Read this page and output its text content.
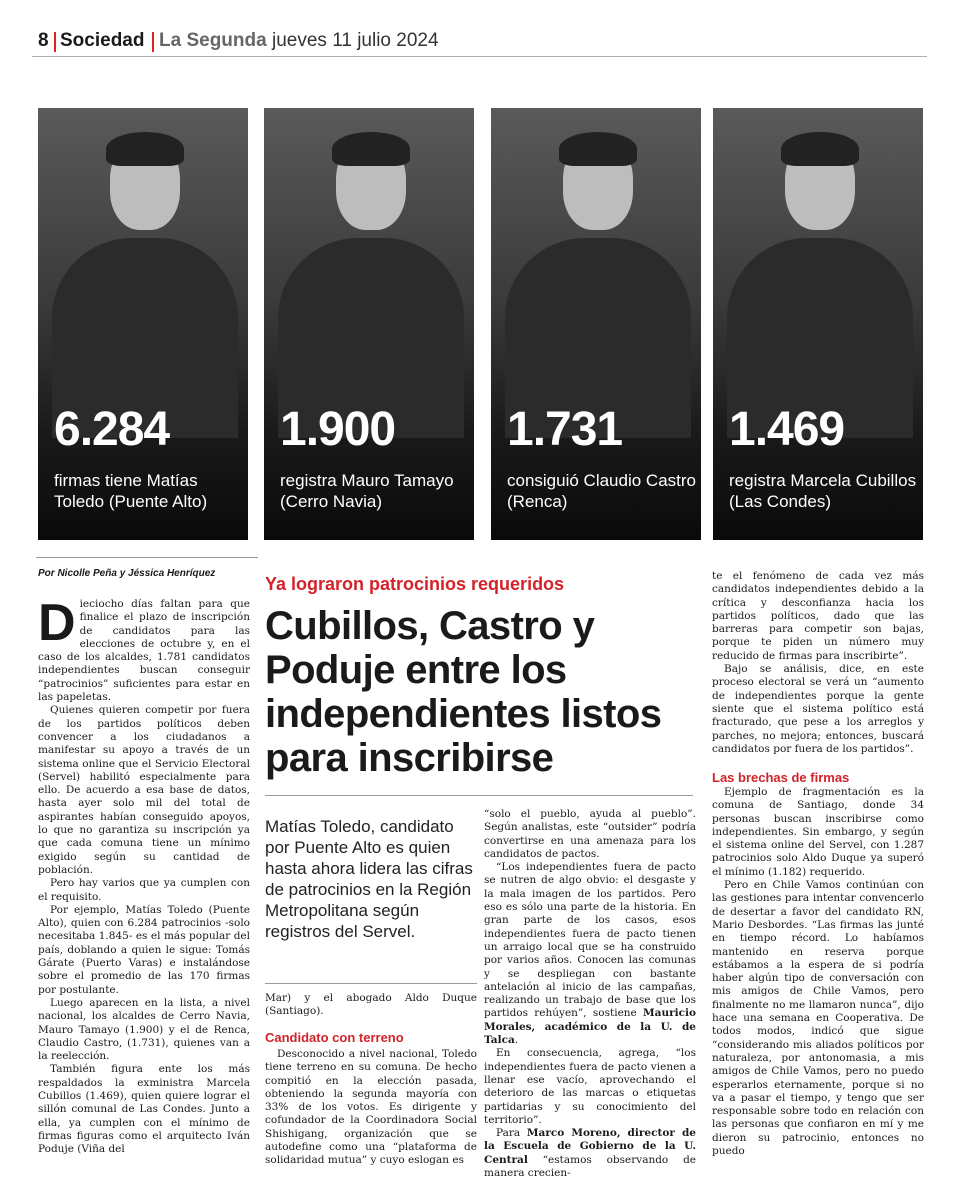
8 Sociedad La Segunda jueves 11 julio 2024
6.284
firmas tiene Matías Toledo (Puente Alto)
1.900
registra Mauro Tamayo (Cerro Navia)
1.731
consiguió Claudio Castro (Renca)
1.469
registra Marcela Cubillos (Las Condes)
Por Nicolle Peña y Jéssica Henríquez

Dieciocho días faltan para que finalice el plazo de inscripción de candidatos para las elecciones de octubre y, en el caso de los alcaldes, 1.781 candidatos independientes buscan conseguir “patrocinios” suficientes para estar en las papeletas.

Quienes quieren competir por fuera de los partidos políticos deben convencer a los ciudadanos a manifestar su apoyo a través de un sistema online que el Servicio Electoral (Servel) habilitó especialmente para ello. De acuerdo a esa base de datos, hasta ayer solo mil del total de aspirantes habían conseguido apoyos, lo que no garantiza su inscripción ya que cada comuna tiene un mínimo exigido según su cantidad de población.

Pero hay varios que ya cumplen con el requisito.

Por ejemplo, Matías Toledo (Puente Alto), quien con 6.284 patrocinios -solo necesitaba 1.845- es el más popular del país, doblando a quien le sigue: Tomás Gárate (Puerto Varas) e instalándose sobre el promedio de las 170 firmas por postulante.

Luego aparecen en la lista, a nivel nacional, los alcaldes de Cerro Navia, Mauro Tamayo (1.900) y el de Renca, Claudio Castro, (1.731), quienes van a la reelección.

También figura ente los más respaldados la exministra Marcela Cubillos (1.469), quien quiere lograr el sillón comunal de Las Condes. Junto a ella, ya cumplen con el mínimo de firmas figuras como el arquitecto Iván Poduje (Viña del

Ya lograron patrocinios requeridos
Cubillos, Castro y Poduje entre los independientes listos para inscribirse
Matías Toledo, candidato por Puente Alto es quien hasta ahora lidera las cifras de patrocinios en la Región Metropolitana según registros del Servel.

Mar) y el abogado Aldo Duque (Santiago).

Candidato con terreno

Desconocido a nivel nacional, Toledo tiene terreno en su comuna. De hecho compitió en la elección pasada, obteniendo la segunda mayoría con 33% de los votos. Es dirigente y cofundador de la Coordinadora Social Shishigang, organización que se autodefine como una “plataforma de solidaridad mutua” y cuyo eslogan es

“solo el pueblo, ayuda al pueblo”. Según analistas, este “outsider” podría convertirse en una amenaza para los candidatos de pactos.

“Los independientes fuera de pacto se nutren de algo obvio: el desgaste y la mala imagen de los partidos. Pero eso es sólo una parte de la historia. En gran parte de los casos, esos independientes fuera de pacto tienen un arraigo local que se ha construido por varios años. Conocen las comunas y se despliegan con bastante antelación al inicio de las campañas, realizando un trabajo de base que los partidos rehúyen”, sostiene Mauricio Morales, académico de la U. de Talca.

En consecuencia, agrega, “los independientes fuera de pacto vienen a llenar ese vacío, aprovechando el deterioro de las marcas o etiquetas partidarias y su conocimiento del territorio”.

Para Marco Moreno, director de la Escuela de Gobierno de la U. Central “estamos observando de manera crecien-

te el fenómeno de cada vez más candidatos independientes debido a la crítica y desconfianza hacia los partidos políticos, dado que las barreras para competir son bajas, porque te piden un número muy reducido de firmas para inscribirte”.

Bajo se análisis, dice, en este proceso electoral se verá un “aumento de independientes porque la gente siente que el sistema político está fracturado, que pese a los arreglos y parches, no mejora; entonces, buscará candidatos por fuera de los partidos”.

Las brechas de firmas

Ejemplo de fragmentación es la comuna de Santiago, donde 34 personas buscan inscribirse como independientes. Sin embargo, y según el sistema online del Servel, con 1.287 patrocinios solo Aldo Duque ya superó el mínimo (1.182) requerido.

Pero en Chile Vamos continúan con las gestiones para intentar convencerlo de desertar a favor del candidato RN, Mario Desbordes. “Las firmas las junté en tiempo récord. Lo habíamos mantenido en reserva porque estábamos a la espera de si podría haber algún tipo de conversación con mis amigos de Chile Vamos, pero finalmente no me llamaron nunca”, dijo hace una semana en Cooperativa. De todos modos, indicó que sigue “considerando mis aliados políticos por naturaleza, por antonomasia, a mis amigos de Chile Vamos, pero no puedo esperarlos eternamente, porque si no va a pasar el tiempo, y tengo que ser responsable sobre todo en relación con las personas que confiaron en mí y me dieron su patrocinio, entonces no puedo
